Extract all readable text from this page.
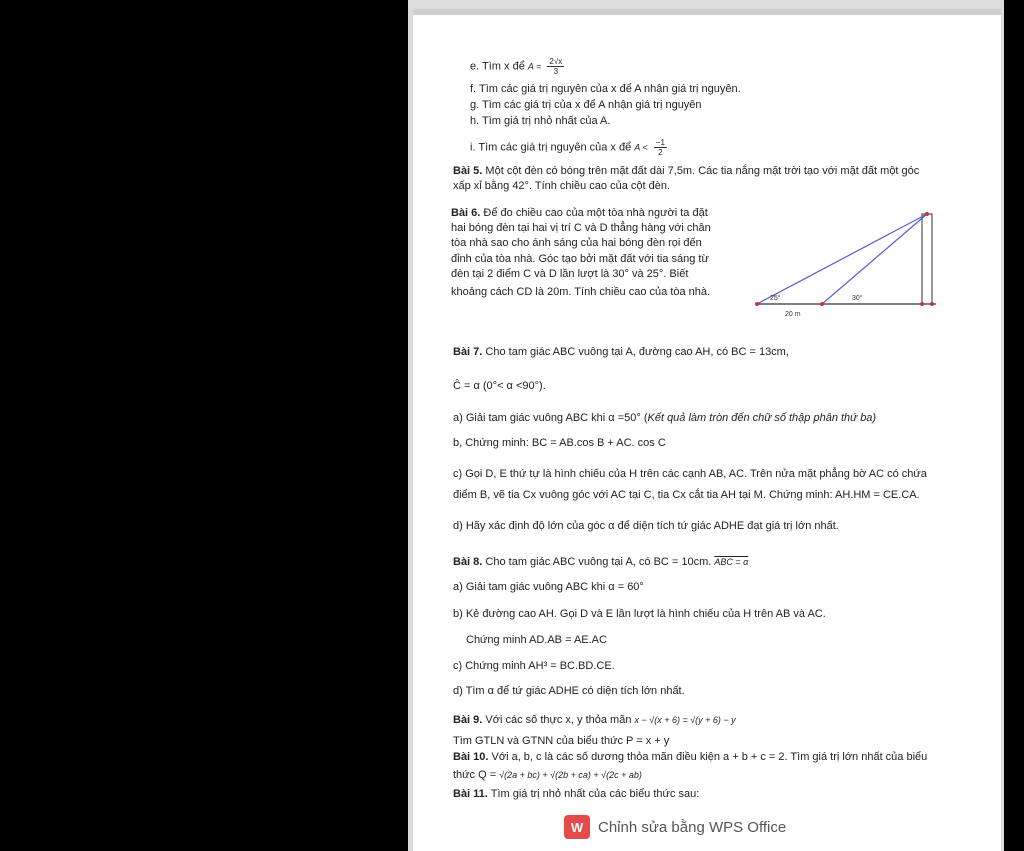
e. Tìm x để $A = \frac{2√x}{3}$
f. Tìm các giá trị nguyên của x để A nhận giá trị nguyên.
g. Tìm các giá trị của x để A nhận giá trị nguyên
h. Tìm giá trị nhỏ nhất của A.
i. Tìm các giá trị nguyên của x để $A < \frac{-1}{2}$
Bài 5. Một cột đèn có bóng trên mặt đất dài 7,5m. Các tia nắng mặt trời tạo với mặt đất một góc
xấp xỉ bằng 42°. Tính chiều cao của cột đèn.
Bài 6. Để đo chiều cao của một tòa nhà người ta đặt
hai bóng đèn tại hai vị trí C và D thẳng hàng với chân
tòa nhà sao cho ánh sáng của hai bóng đèn rọi đến
đỉnh của tòa nhà. Góc tạo bởi mặt đất với tia sáng từ
đèn tại 2 điểm C và D lần lượt là 30° và 25°. Biết
khoảng cách CD là 20m. Tính chiều cao của tòa nhà.
25°	30°
20 m
Bài 7. Cho tam giác ABC vuông tại A, đường cao AH, có BC = 13cm,
Ĉ = α (0°< α <90°).
a) Giải tam giác vuông ABC khi α =50° (Kết quả làm tròn đến chữ số thập phân thứ ba)
b, Chứng minh: BC = AB.cos B + AC. cos C
c) Gọi D, E thứ tự là hình chiếu của H trên các cạnh AB, AC. Trên nửa mặt phẳng bờ AC có chứa
điểm B, vẽ tia Cx vuông góc với AC tại C, tia Cx cắt tia AH tại M. Chứng minh: AH.HM = CE.CA.
d) Hãy xác định độ lớn của góc α để diện tích tứ giác ADHE đạt giá trị lớn nhất.
Bài 8. Cho tam giác ABC vuông tại A, có BC = 10cm. ABC = α
a) Giải tam giác vuông ABC khi α = 60°
b) Kẻ đường cao AH. Gọi D và E lần lượt là hình chiếu của H trên AB và AC.
Chứng minh AD.AB = AE.AC
c) Chứng minh AH³ = BC.BD.CE.
d) Tìm α để tứ giác ADHE có diện tích lớn nhất.
Bài 9. Với các số thực x, y thỏa mãn x − √(x + 6) = √(y + 6) − y
Tìm GTLN và GTNN của biểu thức P = x + y
Bài 10. Với a, b, c là các số dương thỏa mãn điều kiện a + b + c = 2. Tìm giá trị lớn nhất của biểu
thức Q = √(2a + bc) + √(2b + ca) + √(2c + ab)
Bài 11. Tìm giá trị nhỏ nhất của các biểu thức sau:
W Chỉnh sửa bằng WPS Office
